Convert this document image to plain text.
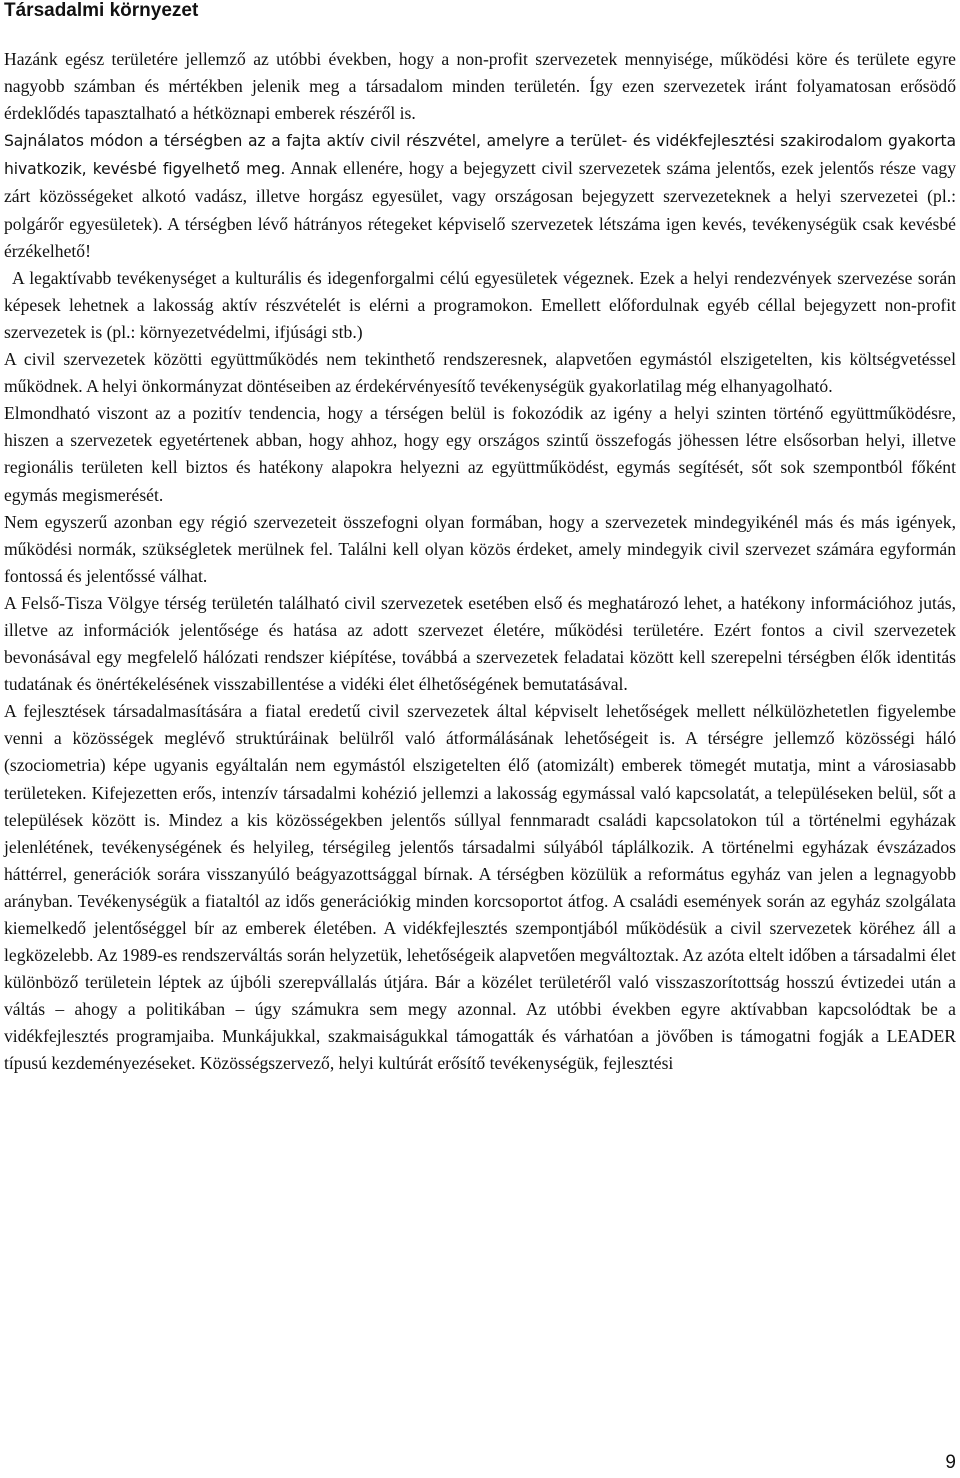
Társadalmi környezet

Hazánk egész területére jellemző az utóbbi években, hogy a non-profit szervezetek mennyisége, működési köre és területe egyre nagyobb számban és mértékben jelenik meg a társadalom minden területén. Így ezen szervezetek iránt folyamatosan erősödő érdeklődés tapasztalható a hétköznapi emberek részéről is.

Sajnálatos módon a térségben az a fajta aktív civil részvétel, amelyre a terület- és vidékfejlesztési szakirodalom gyakorta hivatkozik, kevésbé figyelhető meg. Annak ellenére, hogy a bejegyzett civil szervezetek száma jelentős, ezek jelentős része vagy zárt közösségeket alkotó vadász, illetve horgász egyesület, vagy országosan bejegyzett szervezeteknek a helyi szervezetei (pl.: polgárőr egyesületek). A térségben lévő hátrányos rétegeket képviselő szervezetek létszáma igen kevés, tevékenységük csak kevésbé érzékelhető!

A legaktívabb tevékenységet a kulturális és idegenforgalmi célú egyesületek végeznek. Ezek a helyi rendezvények szervezése során képesek lehetnek a lakosság aktív részvételét is elérni a programokon. Emellett előfordulnak egyéb céllal bejegyzett non-profit szervezetek is (pl.: környezetvédelmi, ifjúsági stb.)

A civil szervezetek közötti együttműködés nem tekinthető rendszeresnek, alapvetően egymástól elszigetelten, kis költségvetéssel működnek. A helyi önkormányzat döntéseiben az érdekérvényesítő tevékenységük gyakorlatilag még elhanyagolható.

Elmondható viszont az a pozitív tendencia, hogy a térségen belül is fokozódik az igény a helyi szinten történő együttműködésre, hiszen a szervezetek egyetértenek abban, hogy ahhoz, hogy egy országos szintű összefogás jöhessen létre elsősorban helyi, illetve regionális területen kell biztos és hatékony alapokra helyezni az együttműködést, egymás segítését, sőt sok szempontból főként egymás megismerését.

Nem egyszerű azonban egy régió szervezeteit összefogni olyan formában, hogy a szervezetek mindegyikénél más és más igények, működési normák, szükségletek merülnek fel. Találni kell olyan közös érdeket, amely mindegyik civil szervezet számára egyformán fontossá és jelentőssé válhat.

A Felső-Tisza Völgye térség területén található civil szervezetek esetében első és meghatározó lehet, a hatékony információhoz jutás, illetve az információk jelentősége és hatása az adott szervezet életére, működési területére. Ezért fontos a civil szervezetek bevonásával egy megfelelő hálózati rendszer kiépítése, továbbá a szervezetek feladatai között kell szerepelni térségben élők identitás tudatának és önértékelésének visszabillentése a vidéki élet élhetőségének bemutatásával.

A fejlesztések társadalmasítására a fiatal eredetű civil szervezetek által képviselt lehetőségek mellett nélkülözhetetlen figyelembe venni a közösségek meglévő struktúráinak belülről való átformálásának lehetőségeit is. A térségre jellemző közösségi háló (szociometria) képe ugyanis egyáltalán nem egymástól elszigetelten élő (atomizált) emberek tömegét mutatja, mint a városiasabb területeken. Kifejezetten erős, intenzív társadalmi kohézió jellemzi a lakosság egymással való kapcsolatát, a településeken belül, sőt a települések között is. Mindez a kis közösségekben jelentős súllyal fennmaradt családi kapcsolatokon túl a történelmi egyházak jelenlétének, tevékenységének és helyileg, térségileg jelentős társadalmi súlyából táplálkozik. A történelmi egyházak évszázados háttérrel, generációk sorára visszanyúló beágyazottsággal bírnak. A térségben közülük a református egyház van jelen a legnagyobb arányban. Tevékenységük a fiataltól az idős generációkig minden korcsoportot átfog. A családi események során az egyház szolgálata kiemelkedő jelentőséggel bír az emberek életében. A vidékfejlesztés szempontjából működésük a civil szervezetek köréhez áll a legközelebb. Az 1989-es rendszerváltás során helyzetük, lehetőségeik alapvetően megváltoztak. Az azóta eltelt időben a társadalmi élet különböző területein léptek az újbóli szerepvállalás útjára. Bár a közélet területéről való visszaszorítottság hosszú évtizedei után a váltás – ahogy a politikában – úgy számukra sem megy azonnal. Az utóbbi években egyre aktívabban kapcsolódtak be a vidékfejlesztés programjaiba. Munkájukkal, szakmaiságukkal támogatták és várhatóan a jövőben is támogatni fogják a LEADER típusú kezdeményezéseket. Közösségszervező, helyi kultúrát erősítő tevékenységük, fejlesztési

9
